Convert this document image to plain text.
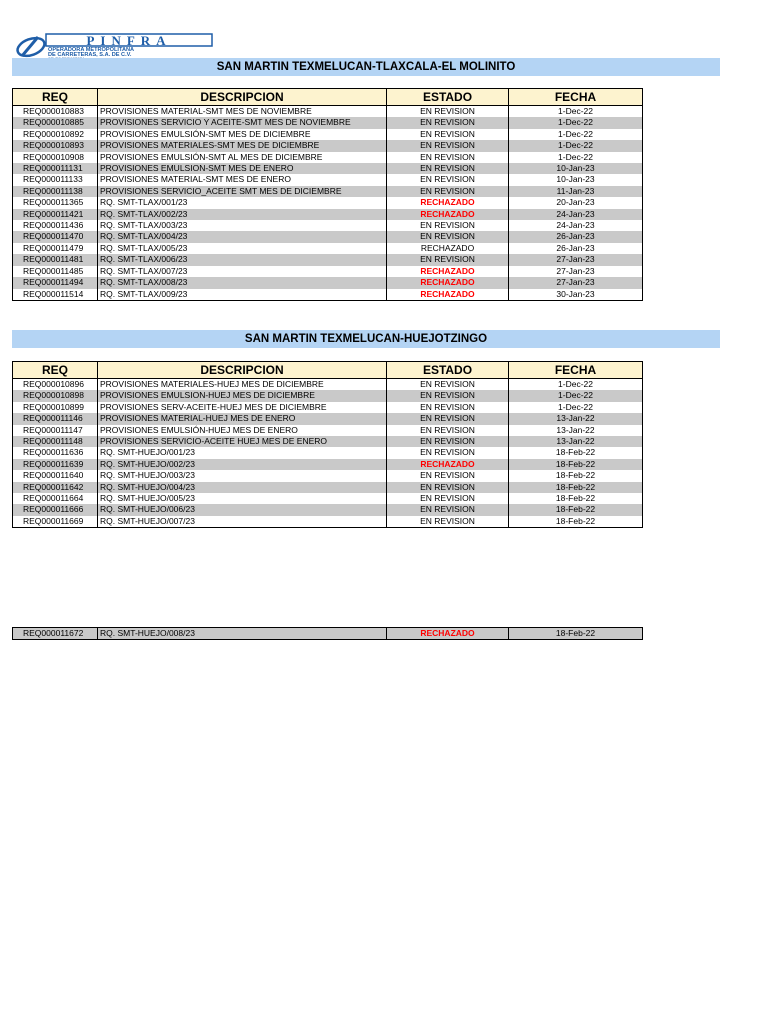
PINFRA
OPERADORA METROPOLITANA
DE CARRETERAS, S.A. DE C.V.
SAN MARTIN TEXMELUCAN-TLAXCALA-EL MOLINITO
REQ	DESCRIPCION	ESTADO	FECHA
REQ000010883	PROVISIONES MATERIAL-SMT MES DE NOVIEMBRE	EN REVISION	1-Dec-22
REQ000010885	PROVISIONES SERVICIO Y ACEITE-SMT MES DE NOVIEMBRE	EN REVISION	1-Dec-22
REQ000010892	PROVISIONES EMULSIÓN-SMT MES DE DICIEMBRE	EN REVISION	1-Dec-22
REQ000010893	PROVISIONES MATERIALES-SMT MES DE DICIEMBRE	EN REVISION	1-Dec-22
REQ000010908	PROVISIONES EMULSIÓN-SMT AL MES DE DICIEMBRE	EN REVISION	1-Dec-22
REQ000011131	PROVISIONES EMULSION-SMT MES DE ENERO	EN REVISION	10-Jan-23
REQ000011133	PROVISIONES MATERIAL-SMT MES DE ENERO	EN REVISION	10-Jan-23
REQ000011138	PROVISIONES SERVICIO_ACEITE SMT MES DE DICIEMBRE	EN REVISION	11-Jan-23
REQ000011365	RQ. SMT-TLAX/001/23	RECHAZADO	20-Jan-23
REQ000011421	RQ. SMT-TLAX/002/23	RECHAZADO	24-Jan-23
REQ000011436	RQ. SMT-TLAX/003/23	EN REVISION	24-Jan-23
REQ000011470	RQ. SMT-TLAX/004/23	EN REVISION	26-Jan-23
REQ000011479	RQ. SMT-TLAX/005/23	RECHAZADO	26-Jan-23
REQ000011481	RQ. SMT-TLAX/006/23	EN REVISION	27-Jan-23
REQ000011485	RQ. SMT-TLAX/007/23	RECHAZADO	27-Jan-23
REQ000011494	RQ. SMT-TLAX/008/23	RECHAZADO	27-Jan-23
REQ000011514	RQ. SMT-TLAX/009/23	RECHAZADO	30-Jan-23
SAN MARTIN TEXMELUCAN-HUEJOTZINGO
REQ	DESCRIPCION	ESTADO	FECHA
REQ000010896	PROVISIONES MATERIALES-HUEJ MES DE DICIEMBRE	EN REVISION	1-Dec-22
REQ000010898	PROVISIONES EMULSION-HUEJ MES DE DICIEMBRE	EN REVISION	1-Dec-22
REQ000010899	PROVISIONES SERV-ACEITE-HUEJ MES DE DICIEMBRE	EN REVISION	1-Dec-22
REQ000011146	PROVISIONES MATERIAL-HUEJ MES DE ENERO	EN REVISION	13-Jan-22
REQ000011147	PROVISIONES EMULSIÓN-HUEJ MES DE ENERO	EN REVISION	13-Jan-22
REQ000011148	PROVISIONES SERVICIO-ACEITE HUEJ MES DE ENERO	EN REVISION	13-Jan-22
REQ000011636	RQ. SMT-HUEJO/001/23	EN REVISION	18-Feb-22
REQ000011639	RQ. SMT-HUEJO/002/23	RECHAZADO	18-Feb-22
REQ000011640	RQ. SMT-HUEJO/003/23	EN REVISION	18-Feb-22
REQ000011642	RQ. SMT-HUEJO/004/23	EN REVISION	18-Feb-22
REQ000011664	RQ. SMT-HUEJO/005/23	EN REVISION	18-Feb-22
REQ000011666	RQ. SMT-HUEJO/006/23	EN REVISION	18-Feb-22
REQ000011669	RQ. SMT-HUEJO/007/23	EN REVISION	18-Feb-22
REQ000011672	RQ. SMT-HUEJO/008/23	RECHAZADO	18-Feb-22
